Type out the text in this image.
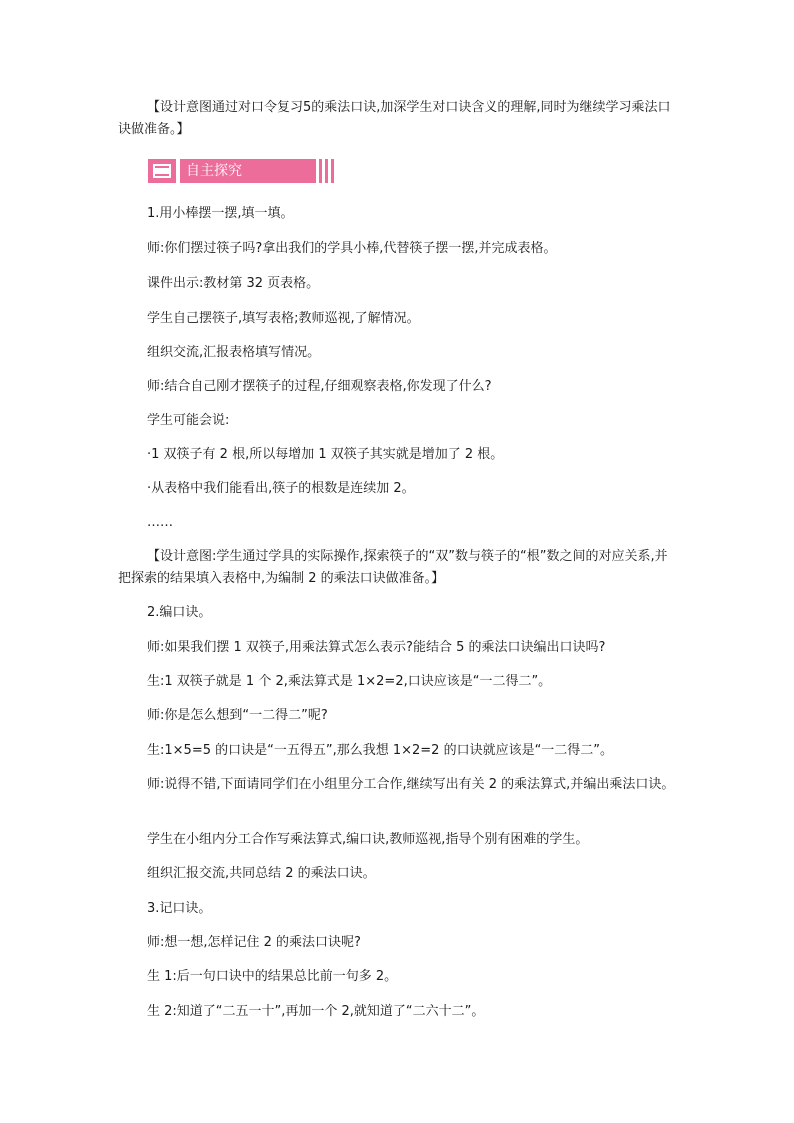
【设计意图通过对口令复习5的乘法口诀,加深学生对口诀含义的理解,同时为继续学习乘法口诀做准备。】
自主探究
1.用小棒摆一摆,填一填。
师:你们摆过筷子吗?拿出我们的学具小棒,代替筷子摆一摆,并完成表格。
课件出示:教材第 32 页表格。
学生自己摆筷子,填写表格;教师巡视,了解情况。
组织交流,汇报表格填写情况。
师:结合自己刚才摆筷子的过程,仔细观察表格,你发现了什么?
学生可能会说:
·1 双筷子有 2 根,所以每增加 1 双筷子其实就是增加了 2 根。
·从表格中我们能看出,筷子的根数是连续加 2。
……
【设计意图:学生通过学具的实际操作,探索筷子的“双”数与筷子的“根”数之间的对应关系,并把探索的结果填入表格中,为编制 2 的乘法口诀做准备。】
2.编口诀。
师:如果我们摆 1 双筷子,用乘法算式怎么表示?能结合 5 的乘法口诀编出口诀吗?
生:1 双筷子就是 1 个 2,乘法算式是 1×2=2,口诀应该是“一二得二”。
师:你是怎么想到“一二得二”呢?
生:1×5=5 的口诀是“一五得五”,那么我想 1×2=2 的口诀就应该是“一二得二”。
师:说得不错,下面请同学们在小组里分工合作,继续写出有关 2 的乘法算式,并编出乘法口诀。
学生在小组内分工合作写乘法算式,编口诀,教师巡视,指导个别有困难的学生。
组织汇报交流,共同总结 2 的乘法口诀。
3.记口诀。
师:想一想,怎样记住 2 的乘法口诀呢?
生 1:后一句口诀中的结果总比前一句多 2。
生 2:知道了“二五一十”,再加一个 2,就知道了“二六十二”。
